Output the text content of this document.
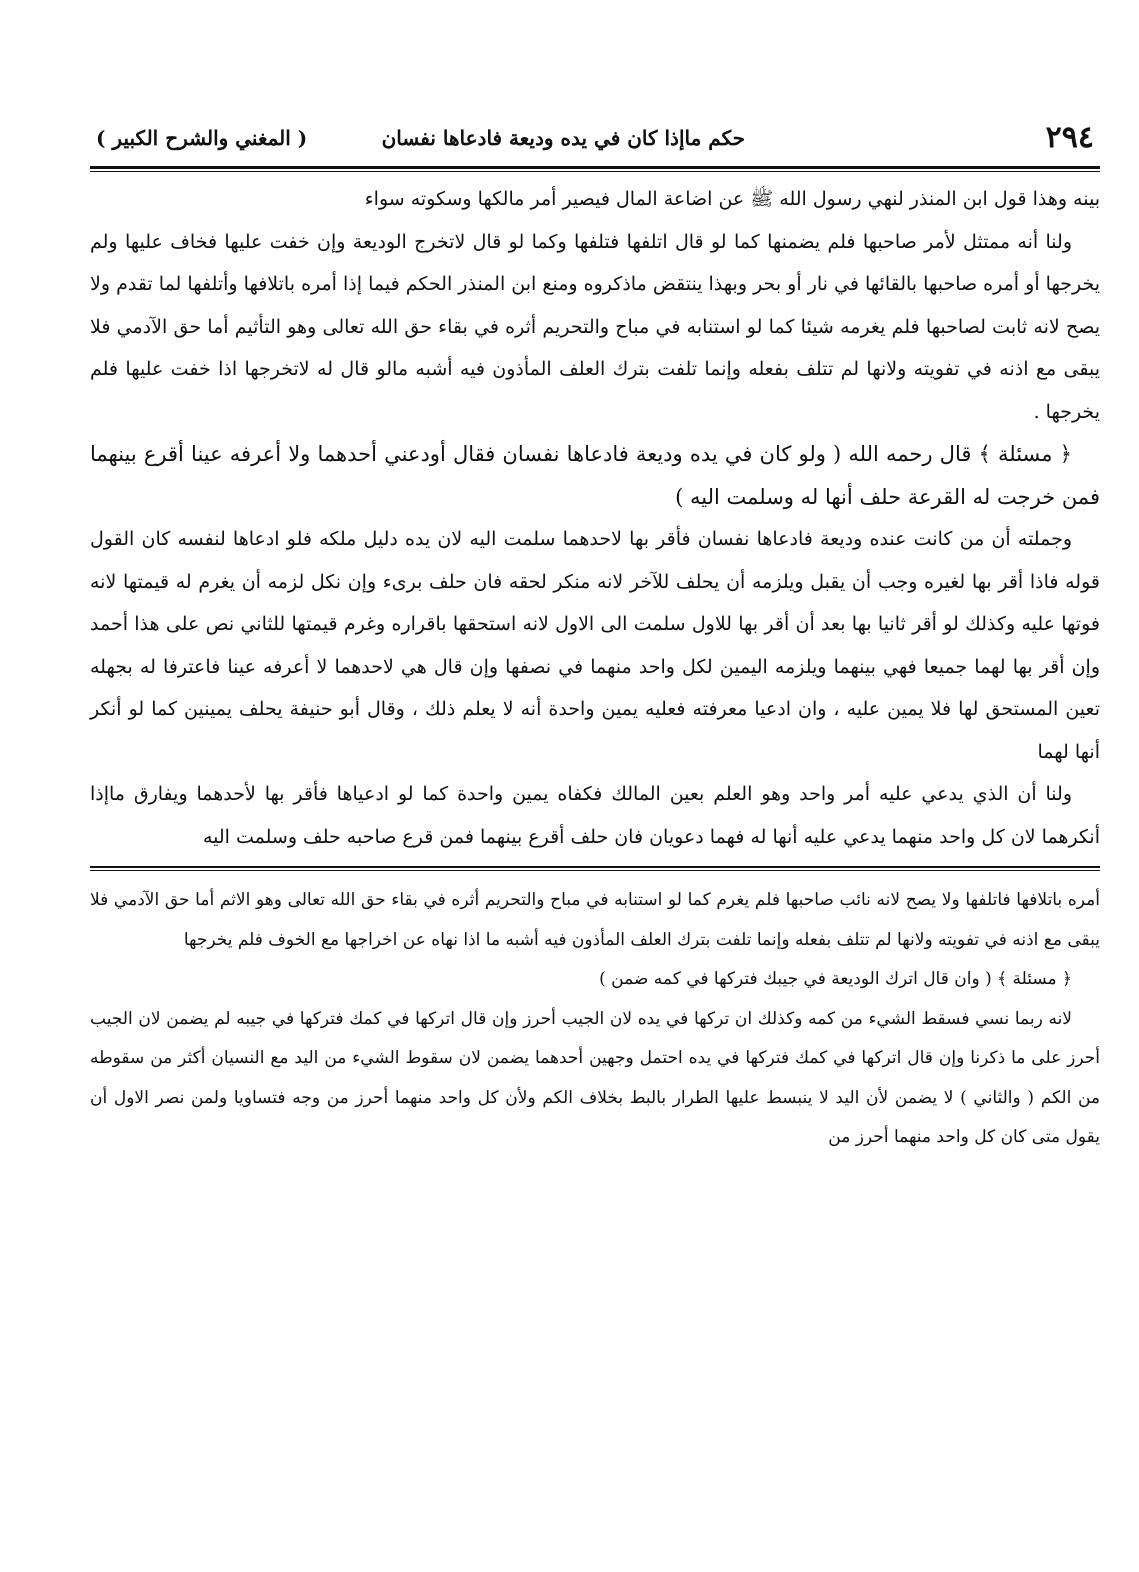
٢٩٤
حكم ماإذا كان في يده وديعة فادعاها نفسان
( المغني والشرح الكبير )

بينه وهذا قول ابن المنذر لنهي رسول الله ﷺ عن اضاعة المال فيصير أمر مالكها وسكوته سواء

ولنا أنه ممتثل لأمر صاحبها فلم يضمنها كما لو قال اتلفها فتلفها وكما لو قال لاتخرج الوديعة وإن خفت عليها فخاف عليها ولم يخرجها أو أمره صاحبها بالقائها في نار أو بحر وبهذا ينتقض ماذكروه ومنع ابن المنذر الحكم فيما إذا أمره باتلافها وأتلفها لما تقدم ولا يصح لانه ثابت لصاحبها فلم يغرمه شيئا كما لو استنابه في مباح والتحريم أثره في بقاء حق الله تعالى وهو التأثيم أما حق الآدمي فلا يبقى مع اذنه في تفويته ولانها لم تتلف بفعله وإنما تلفت بترك العلف المأذون فيه أشبه مالو قال له لاتخرجها اذا خفت عليها فلم يخرجها .

﴿ مسئلة ﴾ قال رحمه الله ( ولو كان في يده وديعة فادعاها نفسان فقال أودعني أحدهما ولا أعرفه عينا أقرع بينهما فمن خرجت له القرعة حلف أنها له وسلمت اليه )

وجملته أن من كانت عنده وديعة فادعاها نفسان فأقر بها لاحدهما سلمت اليه لان يده دليل ملكه فلو ادعاها لنفسه كان القول قوله فاذا أقر بها لغيره وجب أن يقبل ويلزمه أن يحلف للآخر لانه منكر لحقه فان حلف برىء وإن نكل لزمه أن يغرم له قيمتها لانه فوتها عليه وكذلك لو أقر ثانيا بها بعد أن أقر بها للاول سلمت الى الاول لانه استحقها باقراره وغرم قيمتها للثاني نص على هذا أحمد وإن أقر بها لهما جميعا فهي بينهما ويلزمه اليمين لكل واحد منهما في نصفها وإن قال هي لاحدهما لا أعرفه عينا فاعترفا له بجهله تعين المستحق لها فلا يمين عليه ، وان ادعيا معرفته فعليه يمين واحدة أنه لا يعلم ذلك ، وقال أبو حنيفة يحلف يمينين كما لو أنكر أنها لهما

ولنا أن الذي يدعي عليه أمر واحد وهو العلم بعين المالك فكفاه يمين واحدة كما لو ادعياها فأقر بها لأحدهما ويفارق ماإذا أنكرهما لان كل واحد منهما يدعي عليه أنها له فهما دعويان فان حلف أقرع بينهما فمن قرع صاحبه حلف وسلمت اليه

أمره باتلافها فاتلفها ولا يصح لانه نائب صاحبها فلم يغرم كما لو استنابه في مباح والتحريم أثره في بقاء حق الله تعالى وهو الاثم أما حق الآدمي فلا يبقى مع اذنه في تفويته ولانها لم تتلف بفعله وإنما تلفت بترك العلف المأذون فيه أشبه ما اذا نهاه عن اخراجها مع الخوف فلم يخرجها

﴿ مسئلة ﴾ ( وان قال اترك الوديعة في جيبك فتركها في كمه ضمن )

لانه ربما نسي فسقط الشيء من كمه وكذلك ان تركها في يده لان الجيب أحرز وإن قال اتركها في كمك فتركها في جيبه لم يضمن لان الجيب أحرز على ما ذكرنا وإن قال اتركها في كمك فتركها في يده احتمل وجهين أحدهما يضمن لان سقوط الشيء من اليد مع النسيان أكثر من سقوطه من الكم ( والثاني ) لا يضمن لأن اليد لا ينبسط عليها الطرار بالبط بخلاف الكم ولأن كل واحد منهما أحرز من وجه فتساويا ولمن نصر الاول أن يقول متى كان كل واحد منهما أحرز من
